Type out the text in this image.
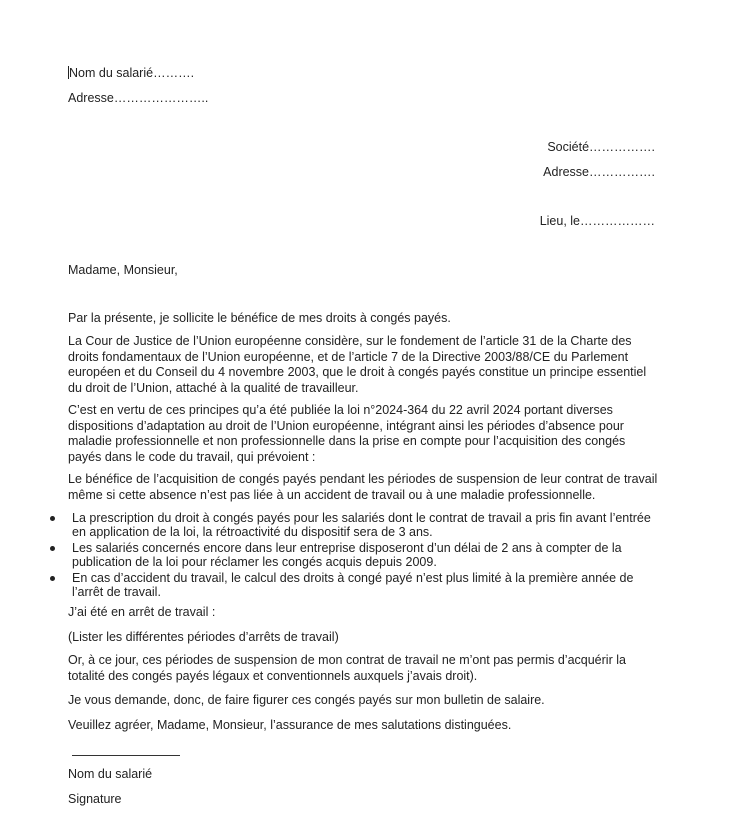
Nom du salarié……….
Adresse…………………..
Société…………….
Adresse…………….
Lieu, le………………
Madame, Monsieur,
Par la présente, je sollicite le bénéfice de mes droits à congés payés.
La Cour de Justice de l’Union européenne considère, sur le fondement de l’article 31 de la Charte des droits fondamentaux de l’Union européenne, et de l’article 7 de la Directive 2003/88/CE du Parlement européen et du Conseil du 4 novembre 2003, que le droit à congés payés constitue un principe essentiel du droit de l’Union, attaché à la qualité de travailleur.
C’est en vertu de ces principes qu’a été publiée la loi n°2024-364 du 22 avril 2024 portant diverses dispositions d’adaptation au droit de l’Union européenne, intégrant ainsi les périodes d’absence pour maladie professionnelle et non professionnelle dans la prise en compte pour l’acquisition des congés payés dans le code du travail, qui prévoient :
Le bénéfice de l’acquisition de congés payés pendant les périodes de suspension de leur contrat de travail même si cette absence n’est pas liée à un accident de travail ou à une maladie professionnelle.
La prescription du droit à congés payés pour les salariés dont le contrat de travail a pris fin avant l’entrée en application de la loi, la rétroactivité du dispositif sera de 3 ans.
Les salariés concernés encore dans leur entreprise disposeront d’un délai de 2 ans à compter de la publication de la loi pour réclamer les congés acquis depuis 2009.
En cas d’accident du travail, le calcul des droits à congé payé n’est plus limité à la première année de l’arrêt de travail.
J’ai été en arrêt de travail :
(Lister les différentes périodes d’arrêts de travail)
Or, à ce jour, ces périodes de suspension de mon contrat de travail ne m’ont pas permis d’acquérir la totalité des congés payés légaux et conventionnels auxquels j’avais droit).
Je vous demande, donc, de faire figurer ces congés payés sur mon bulletin de salaire.
Veuillez agréer, Madame, Monsieur, l’assurance de mes salutations distinguées.
Nom du salarié
Signature
